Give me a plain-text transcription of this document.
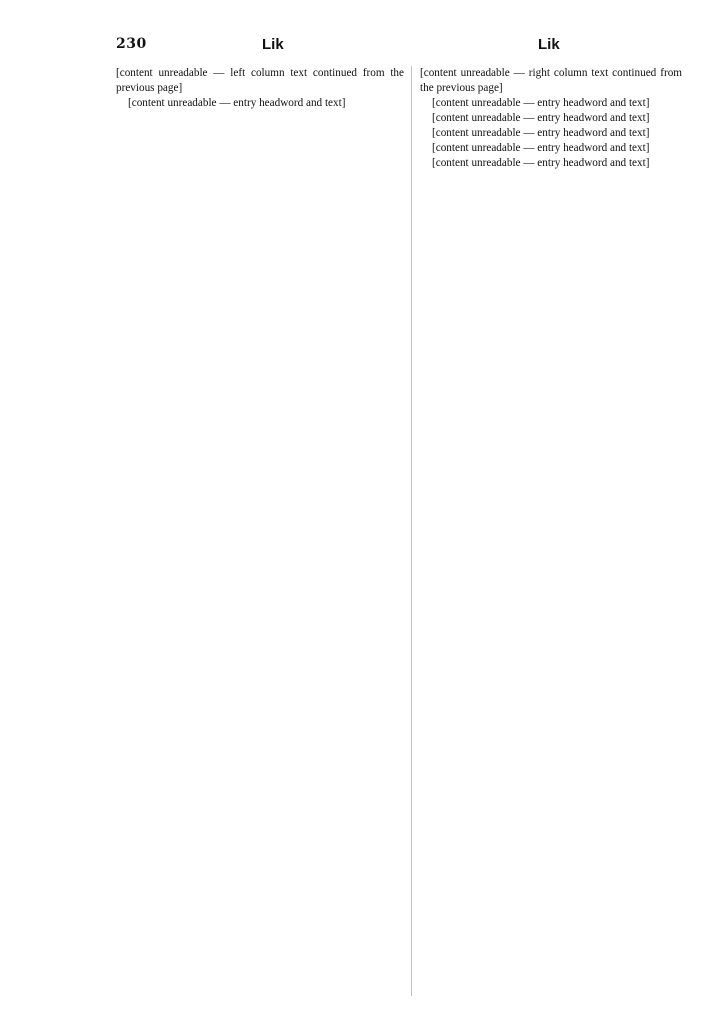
230	Lik	Lik

[content unreadable — left column text continued from the previous page]

[content unreadable — entry headword and text]

[content unreadable — right column text continued from the previous page]

[content unreadable — entry headword and text]

[content unreadable — entry headword and text]

[content unreadable — entry headword and text]

[content unreadable — entry headword and text]

[content unreadable — entry headword and text]
